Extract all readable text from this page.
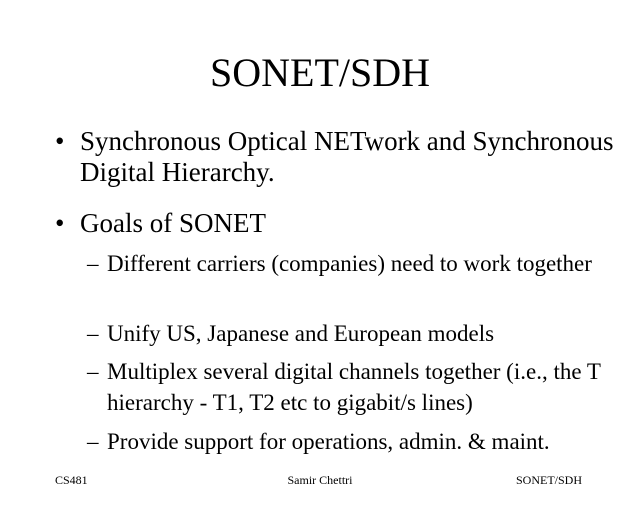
SONET/SDH
• Synchronous Optical NETwork and Synchronous Digital Hierarchy.
• Goals of SONET
– Different carriers (companies) need to work together
– Unify US, Japanese and European models
– Multiplex several digital channels together (i.e., the T hierarchy - T1, T2 etc to gigabit/s lines)
– Provide support for operations, admin. & maint.
CS481	Samir Chettri	SONET/SDH
